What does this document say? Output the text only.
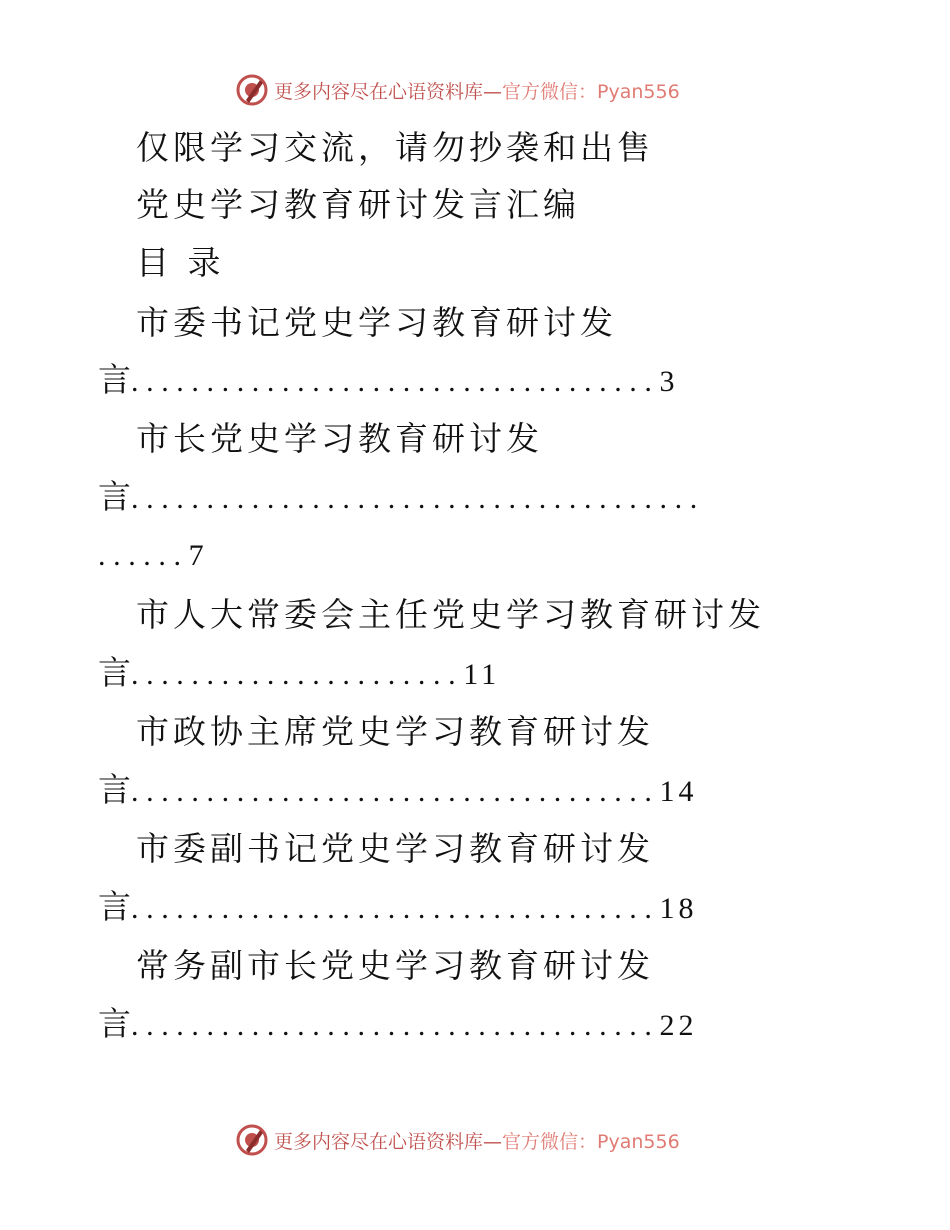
更多内容尽在心语资料库—官方微信：Pyan556
仅限学习交流，请勿抄袭和出售
党史学习教育研讨发言汇编
目 录
市委书记党史学习教育研讨发
言...................................3
市长党史学习教育研讨发
言......................................
......7
市人大常委会主任党史学习教育研讨发
言......................11
市政协主席党史学习教育研讨发
言...................................14
市委副书记党史学习教育研讨发
言...................................18
常务副市长党史学习教育研讨发
言...................................22
更多内容尽在心语资料库—官方微信：Pyan556
